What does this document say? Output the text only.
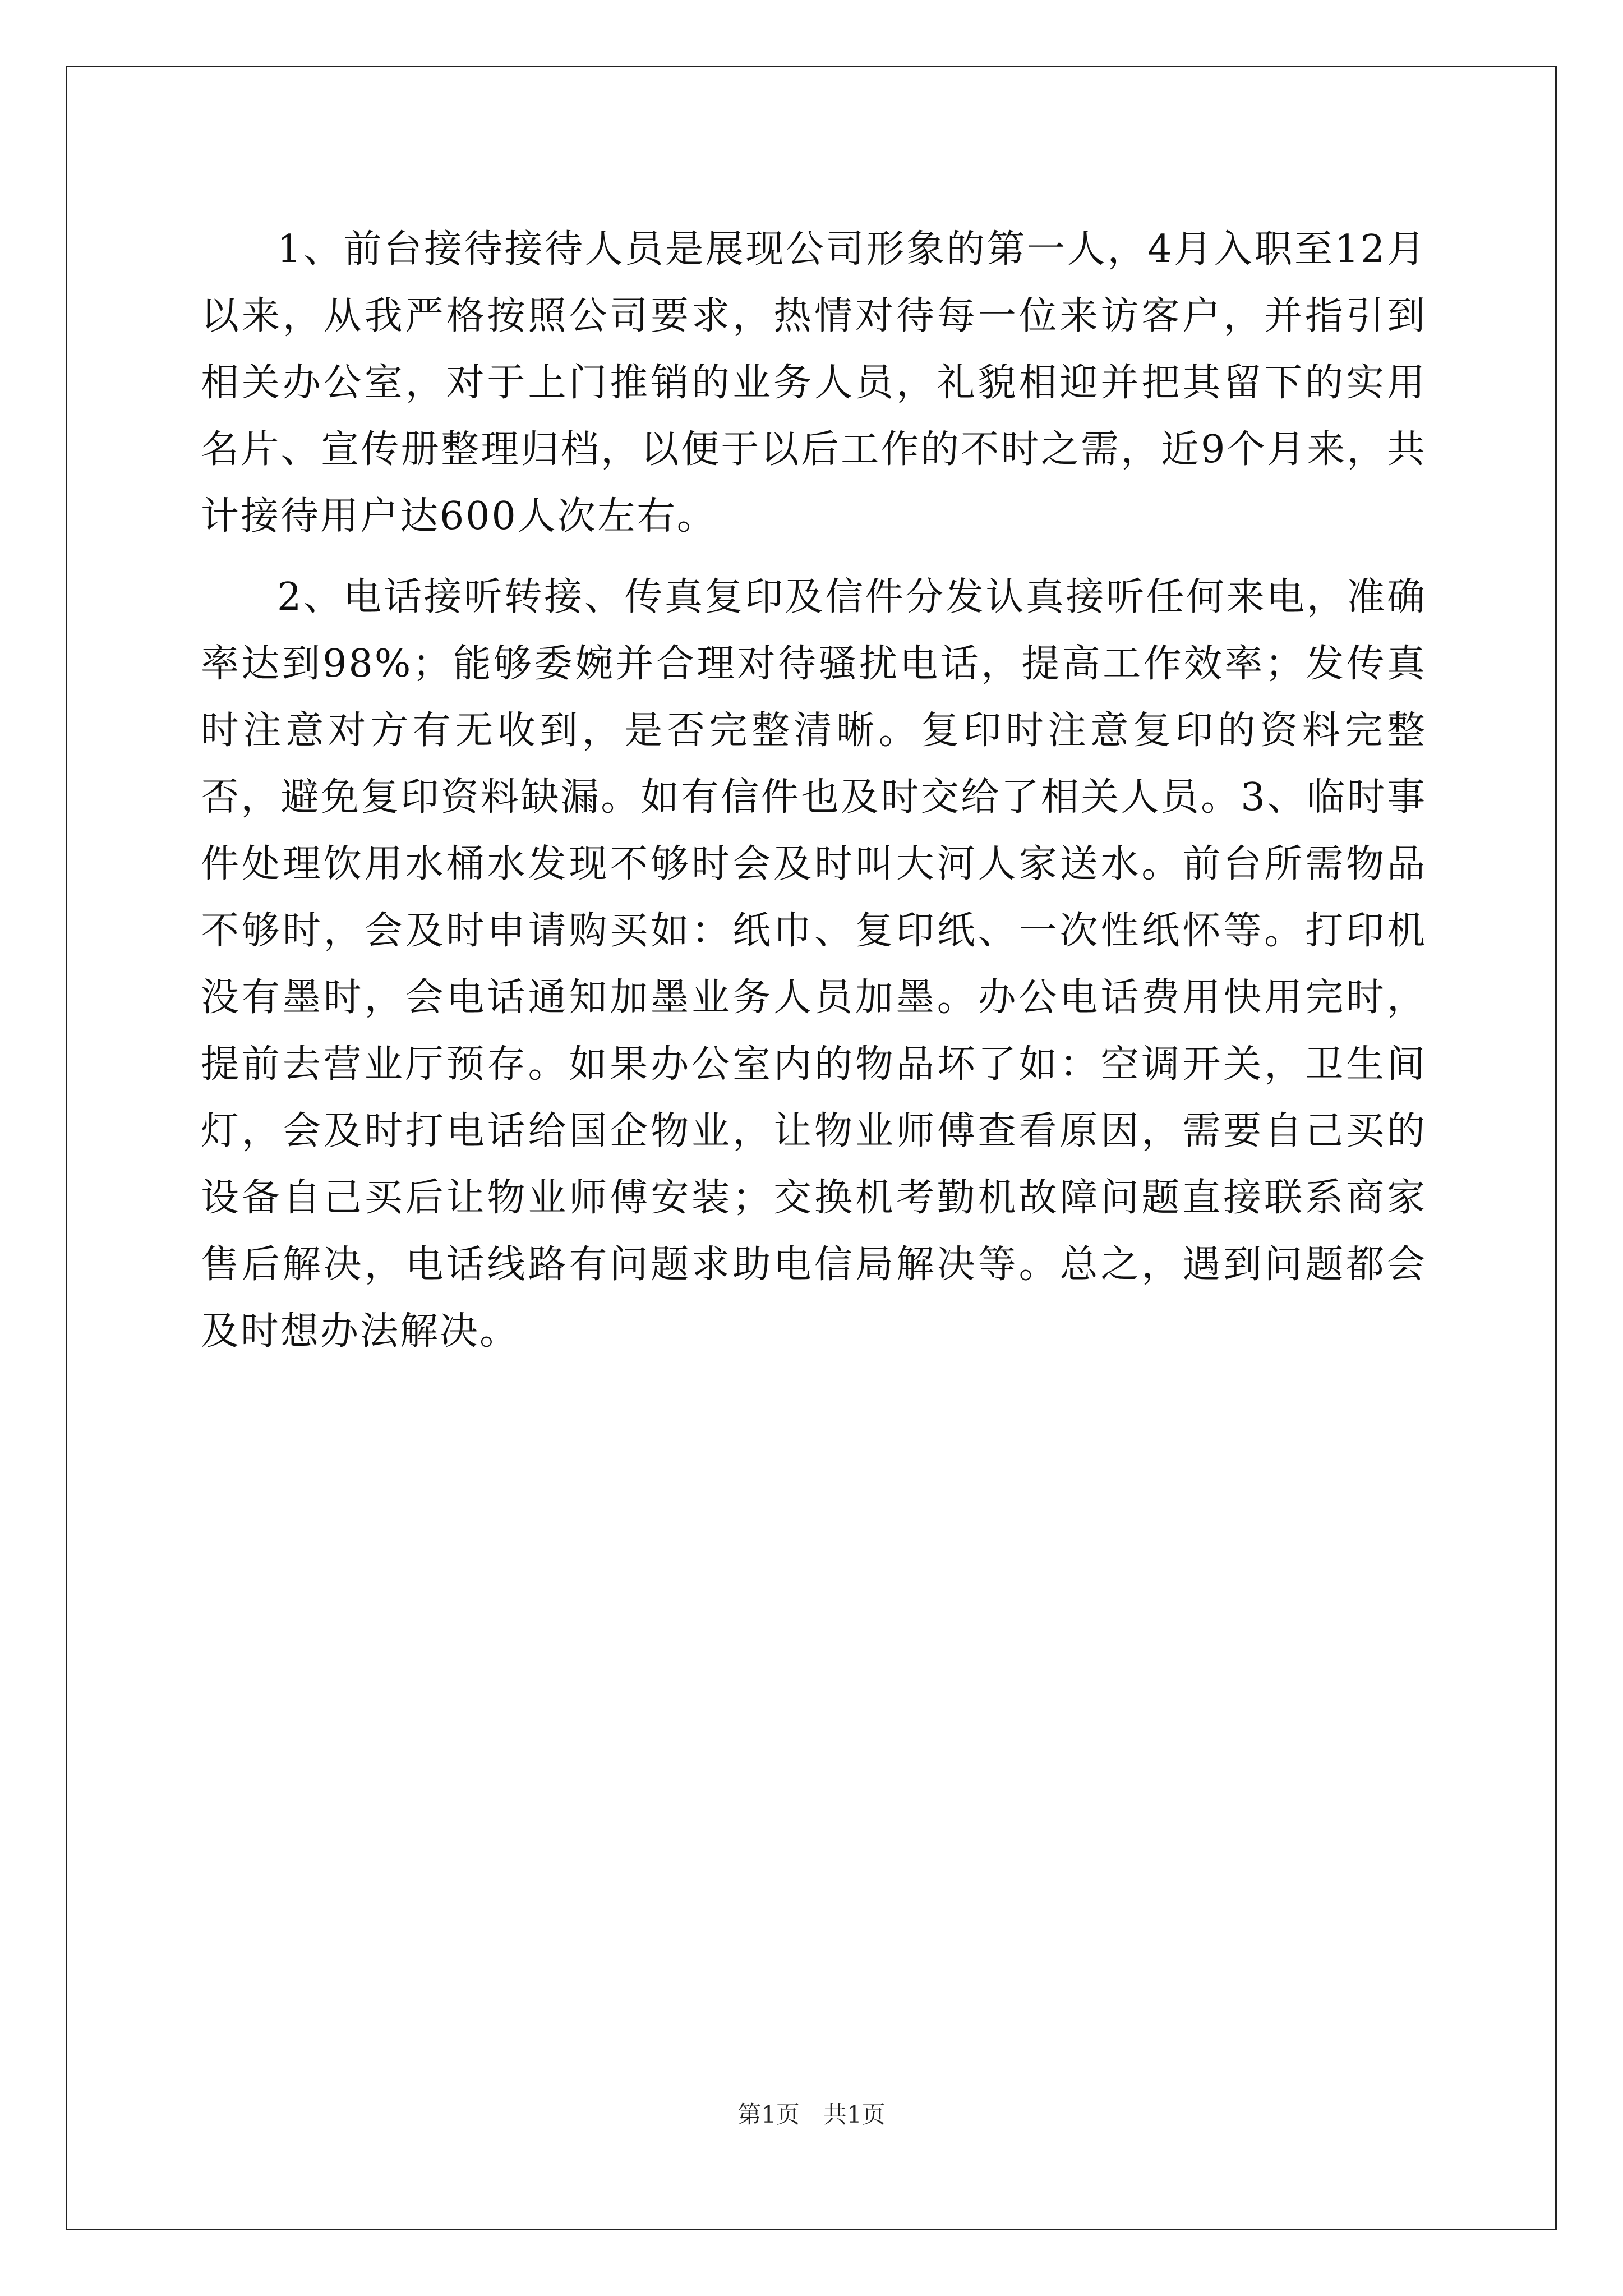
1、前台接待接待人员是展现公司形象的第一人，4月入职至12月以来，从我严格按照公司要求，热情对待每一位来访客户，并指引到相关办公室，对于上门推销的业务人员，礼貌相迎并把其留下的实用名片、宣传册整理归档，以便于以后工作的不时之需，近9个月来，共计接待用户达600人次左右。

2、电话接听转接、传真复印及信件分发认真接听任何来电，准确率达到98%；能够委婉并合理对待骚扰电话，提高工作效率；发传真时注意对方有无收到，是否完整清晰。复印时注意复印的资料完整否，避免复印资料缺漏。如有信件也及时交给了相关人员。3、临时事件处理饮用水桶水发现不够时会及时叫大河人家送水。前台所需物品不够时，会及时申请购买如：纸巾、复印纸、一次性纸怀等。打印机没有墨时，会电话通知加墨业务人员加墨。办公电话费用快用完时，提前去营业厅预存。如果办公室内的物品坏了如：空调开关，卫生间灯，会及时打电话给国企物业，让物业师傅查看原因，需要自己买的设备自己买后让物业师傅安装；交换机考勤机故障问题直接联系商家售后解决，电话线路有问题求助电信局解决等。总之，遇到问题都会及时想办法解决。

第1页　共1页
